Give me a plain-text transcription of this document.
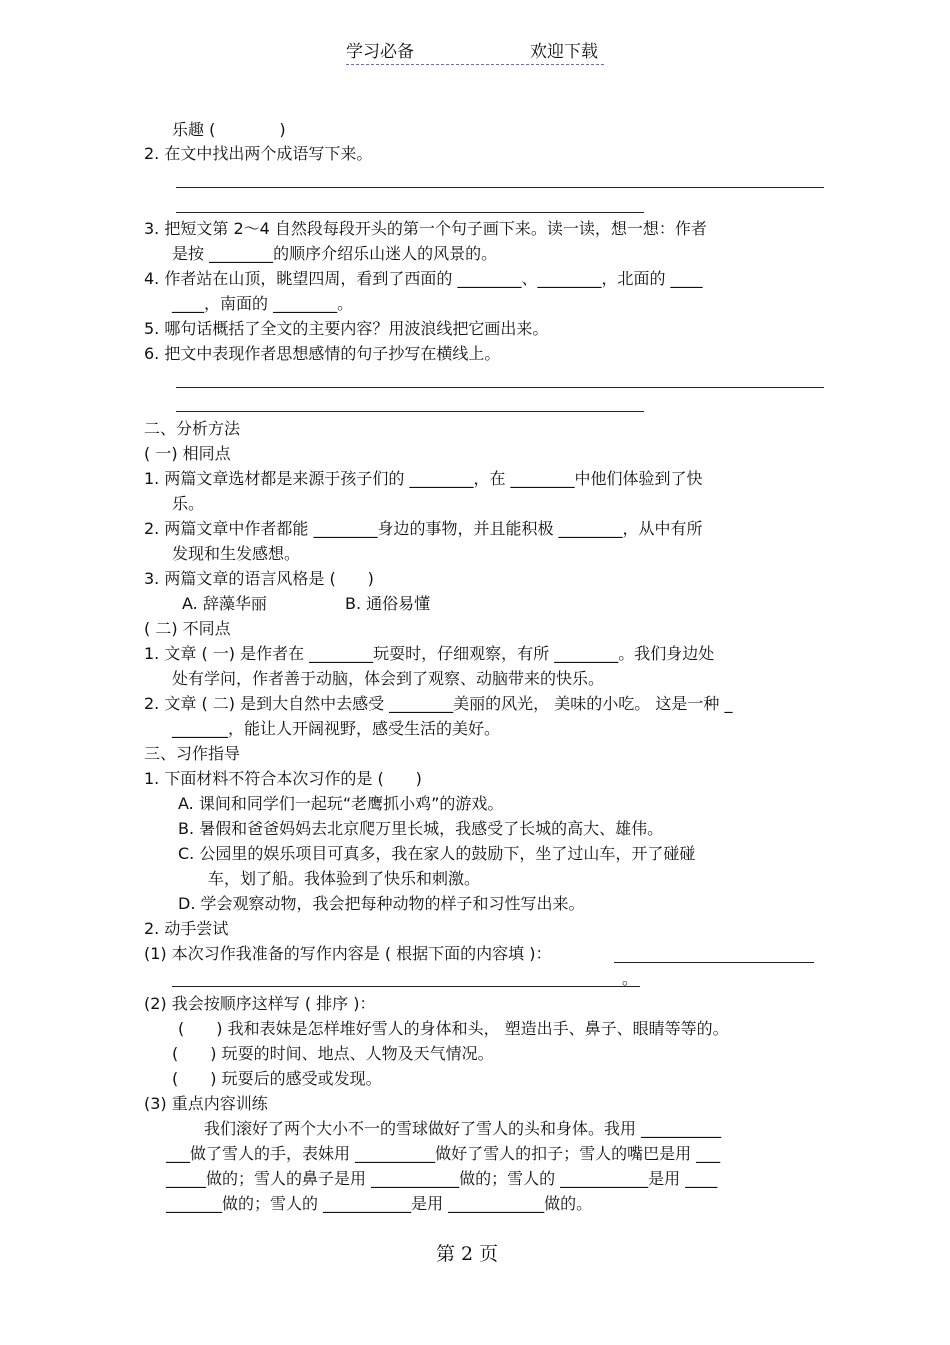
学习必备	欢迎下载
乐趣 (　　　　)
2. 在文中找出两个成语写下来。
3. 把短文第 2～4 自然段每段开头的第一个句子画下来。读一读，想一想：作者
是按 ________的顺序介绍乐山迷人的风景的。
4. 作者站在山顶，眺望四周，看到了西面的 ________、________，北面的 ____
____，南面的 ________。
5. 哪句话概括了全文的主要内容？用波浪线把它画出来。
6. 把文中表现作者思想感情的句子抄写在横线上。
二、分析方法
( 一) 相同点
1. 两篇文章选材都是来源于孩子们的 ________，在 ________中他们体验到了快
乐。
2. 两篇文章中作者都能 ________身边的事物，并且能积极 ________，从中有所
发现和生发感想。
3. 两篇文章的语言风格是 (　　)
A. 辞藻华丽	B. 通俗易懂
( 二) 不同点
1. 文章 ( 一) 是作者在 ________玩耍时，仔细观察，有所 ________。我们身边处
处有学问，作者善于动脑，体会到了观察、动脑带来的快乐。
2. 文章 ( 二) 是到大自然中去感受 ________美丽的风光， 美味的小吃。 这是一种 _
_______，能让人开阔视野，感受生活的美好。
三、习作指导
1. 下面材料不符合本次习作的是 (　　)
A. 课间和同学们一起玩“老鹰抓小鸡”的游戏。
B. 暑假和爸爸妈妈去北京爬万里长城，我感受了长城的高大、雄伟。
C. 公园里的娱乐项目可真多，我在家人的鼓励下，坐了过山车，开了碰碰
车，划了船。我体验到了快乐和刺激。
D. 学会观察动物，我会把每种动物的样子和习性写出来。
2. 动手尝试
(1) 本次习作我准备的写作内容是 ( 根据下面的内容填 )：
。
(2) 我会按顺序这样写 ( 排序 )：
(　　) 我和表妹是怎样堆好雪人的身体和头， 塑造出手、鼻子、眼睛等等的。
(　　) 玩耍的时间、地点、人物及天气情况。
(　　) 玩耍后的感受或发现。
(3) 重点内容训练
我们滚好了两个大小不一的雪球做好了雪人的头和身体。我用 __________
___做了雪人的手，表妹用 __________做好了雪人的扣子；雪人的嘴巴是用 ___
_____做的；雪人的鼻子是用 ___________做的；雪人的 ___________是用 ____
_______做的；雪人的 ___________是用 ____________做的。
第 2 页
